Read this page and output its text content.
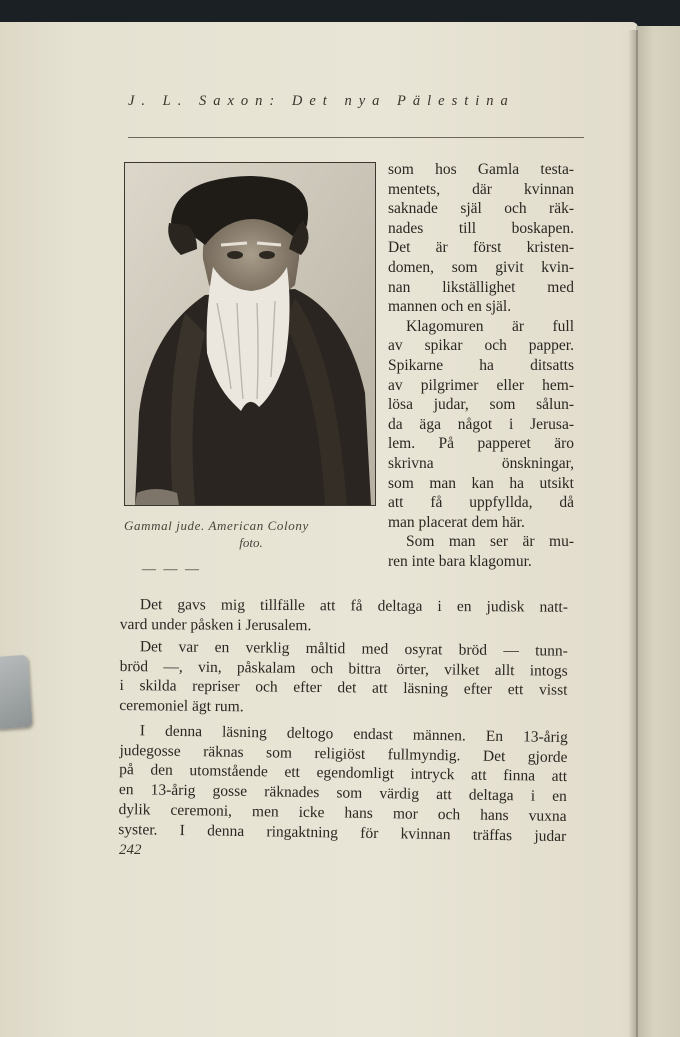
J. L. Saxon: Det nya Pälestina
Gammal jude. American Colony
foto.
som hos Gamla testa-
mentets, där kvinnan
saknade själ och räk-
nades till boskapen.
Det är först kristen-
domen, som givit kvin-
nan likställighet med
mannen och en själ.
Klagomuren är full
av spikar och papper.
Spikarne ha ditsatts
av pilgrimer eller hem-
lösa judar, som sålun-
da äga något i Jerusa-
lem. På papperet äro
skrivna önskningar,
som man kan ha utsikt
att få uppfyllda, då
man placerat dem här.
Som man ser är mu-
ren inte bara klagomur.
— — —
Det gavs mig tillfälle att få deltaga i en judisk natt-
vard under påsken i Jerusalem.
Det var en verklig måltid med osyrat bröd — tunn-
bröd —, vin, påskalam och bittra örter, vilket allt intogs
i skilda repriser och efter det att läsning efter ett visst
ceremoniel ägt rum.
I denna läsning deltogo endast männen. En 13-årig
judegosse räknas som religiöst fullmyndig. Det gjorde
på den utomstående ett egendomligt intryck att finna att
en 13-årig gosse räknades som värdig att deltaga i en
dylik ceremoni, men icke hans mor och hans vuxna
syster. I denna ringaktning för kvinnan träffas judar
242
